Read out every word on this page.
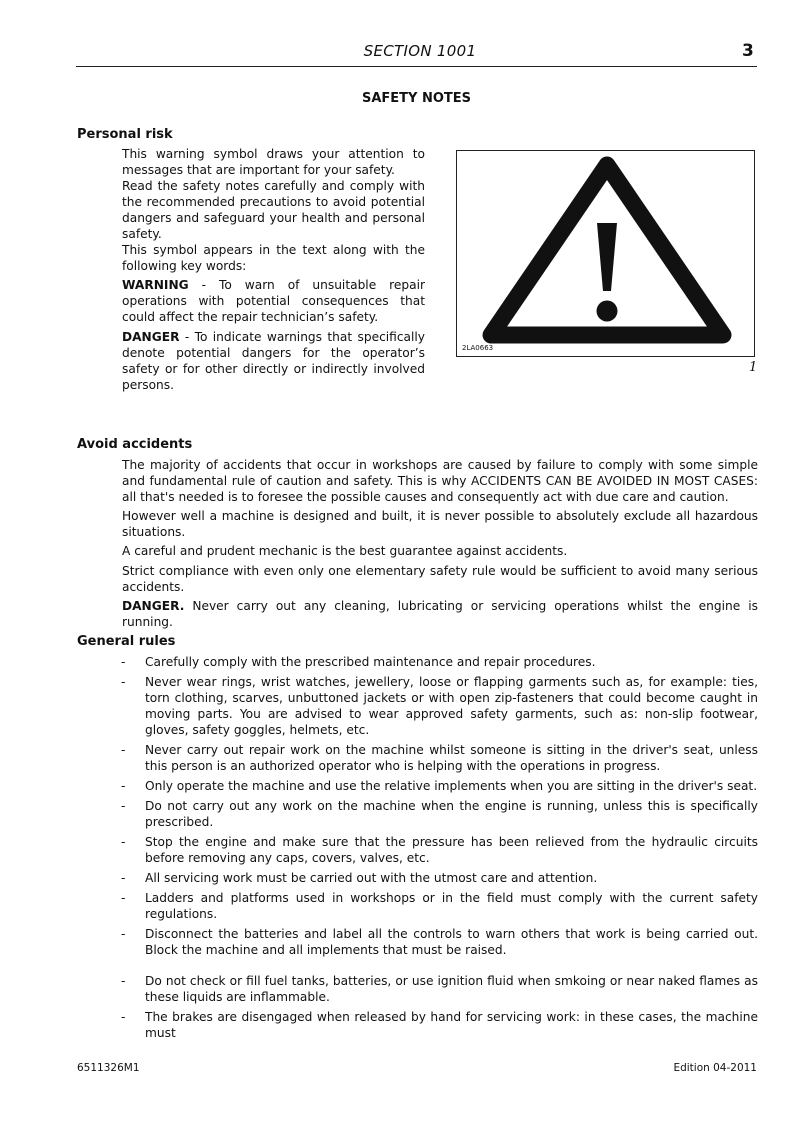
SECTION 1001	3
SAFETY NOTES
Personal risk
This warning symbol draws your attention to messages that are important for your safety.
Read the safety notes carefully and comply with the recommended precautions to avoid potential dangers and safeguard your health and personal safety.
This symbol appears in the text along with the following key words:
WARNING - To warn of unsuitable repair operations with potential consequences that could affect the repair technician’s safety.
DANGER - To indicate warnings that specifically denote potential dangers for the operator’s safety or for other directly or indirectly involved persons.
2LA0663
1
Avoid accidents
The majority of accidents that occur in workshops are caused by failure to comply with some simple and fundamental rule of caution and safety. This is why ACCIDENTS CAN BE AVOIDED IN MOST CASES: all that's needed is to foresee the possible causes and consequently act with due care and caution.
However well a machine is designed and built, it is never possible to absolutely exclude all hazardous situations.
A careful and prudent mechanic is the best guarantee against accidents.
Strict compliance with even only one elementary safety rule would be sufficient to avoid many serious accidents.
DANGER. Never carry out any cleaning, lubricating or servicing operations whilst the engine is running.
General rules
- Carefully comply with the prescribed maintenance and repair procedures.
- Never wear rings, wrist watches, jewellery, loose or flapping garments such as, for example: ties, torn clothing, scarves, unbuttoned jackets or with open zip-fasteners that could become caught in moving parts. You are advised to wear approved safety garments, such as: non-slip footwear, gloves, safety goggles, helmets, etc.
- Never carry out repair work on the machine whilst someone is sitting in the driver's seat, unless this person is an authorized operator who is helping with the operations in progress.
- Only operate the machine and use the relative implements when you are sitting in the driver's seat.
- Do not carry out any work on the machine when the engine is running, unless this is specifically prescribed.
- Stop the engine and make sure that the pressure has been relieved from the hydraulic circuits before removing any caps, covers, valves, etc.
- All servicing work must be carried out with the utmost care and attention.
- Ladders and platforms used in workshops or in the field must comply with the current safety regulations.
- Disconnect the batteries and label all the controls to warn others that work is being carried out. Block the machine and all implements that must be raised.
- Do not check or fill fuel tanks, batteries, or use ignition fluid when smkoing or near naked flames as these liquids are inflammable.
- The brakes are disengaged when released by hand for servicing work: in these cases, the machine must
6511326M1	Edition 04-2011
